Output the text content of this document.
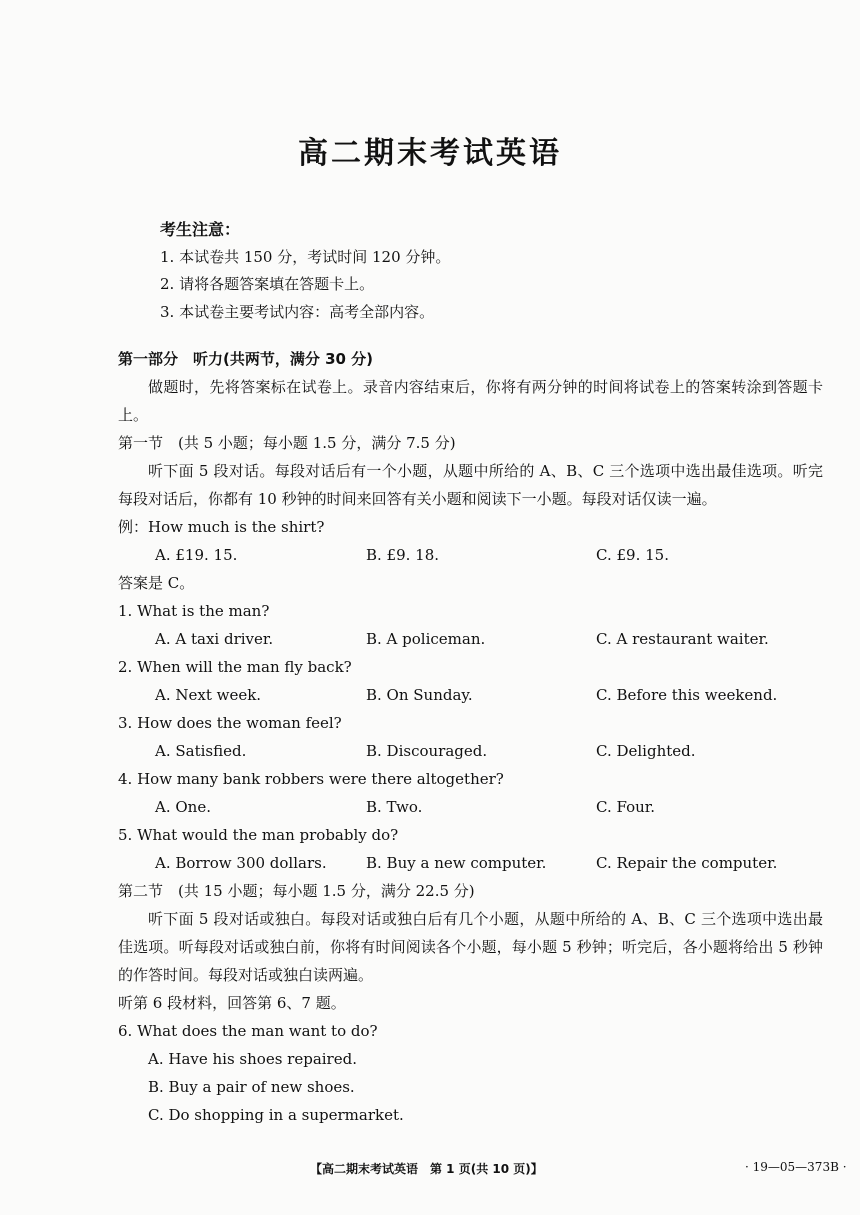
高二期末考试英语
考生注意：
1. 本试卷共 150 分，考试时间 120 分钟。
2. 请将各题答案填在答题卡上。
3. 本试卷主要考试内容：高考全部内容。
第一部分　听力(共两节，满分 30 分)

做题时，先将答案标在试卷上。录音内容结束后，你将有两分钟的时间将试卷上的答案转涂到答题卡上。

第一节　(共 5 小题；每小题 1.5 分，满分 7.5 分)

听下面 5 段对话。每段对话后有一个小题，从题中所给的 A、B、C 三个选项中选出最佳选项。听完每段对话后，你都有 10 秒钟的时间来回答有关小题和阅读下一小题。每段对话仅读一遍。

例：How much is the shirt?
A. £19. 15.	B. £9. 18.	C. £9. 15.
答案是 C。
1. What is the man?
A. A taxi driver.	B. A policeman.	C. A restaurant waiter.
2. When will the man fly back?
A. Next week.	B. On Sunday.	C. Before this weekend.
3. How does the woman feel?
A. Satisfied.	B. Discouraged.	C. Delighted.
4. How many bank robbers were there altogether?
A. One.	B. Two.	C. Four.
5. What would the man probably do?
A. Borrow 300 dollars.	B. Buy a new computer.	C. Repair the computer.
第二节　(共 15 小题；每小题 1.5 分，满分 22.5 分)

听下面 5 段对话或独白。每段对话或独白后有几个小题，从题中所给的 A、B、C 三个选项中选出最佳选项。听每段对话或独白前，你将有时间阅读各个小题，每小题 5 秒钟；听完后，各小题将给出 5 秒钟的作答时间。每段对话或独白读两遍。

听第 6 段材料，回答第 6、7 题。
6. What does the man want to do?
A. Have his shoes repaired.
B. Buy a pair of new shoes.
C. Do shopping in a supermarket.
【高二期末考试英语　第 1 页(共 10 页)】	· 19—05—373B ·
